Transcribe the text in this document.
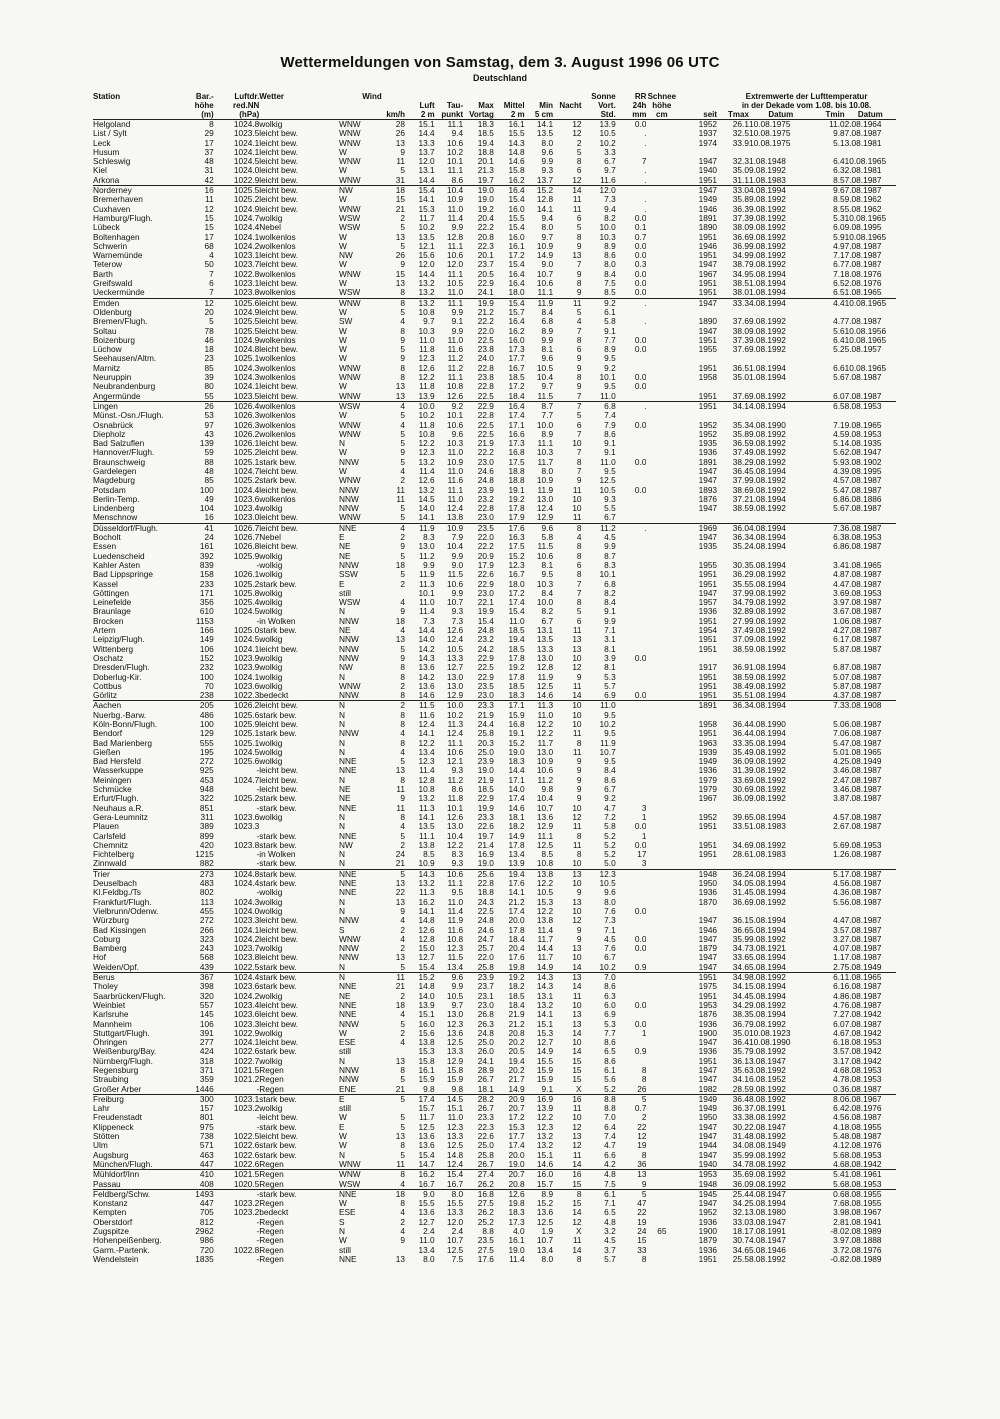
Wettermeldungen von Samstag, dem 3. August 1996 06 UTC
Deutschland

Station	Bar.-	Luftdr.	Wetter	Wind								Sonne	RR	Schnee		Extremwerte der Lufttemperatur			
	höhe	red.NN				Luft	Tau-	Max	Mittel	Min	Nacht	Vort.	24h	höhe		in der Dekade vom 1.08. bis 10.08.			
	(m)	(hPa)			km/h	2 m	punkt	Vortag	2 m	5 cm		Std.	mm	cm	seit	Tmax	Datum	Tmin	Datum
Helgoland	8	1024.8	wolkig	WNW	28	15.1	11.1	18.3	16.1	14.1	12	13.9	0.0		1952	26.1	10.08.1975	11.0	2.08.1964
List / Sylt	29	1023.5	leicht bew.	WNW	26	14.4	9.4	18.5	15.5	13.5	12	10.5	.		1937	32.5	10.08.1975	9.8	7.08.1987
Leck	17	1024.1	leicht bew.	WNW	13	13.3	10.6	19.4	14.3	8.0	2	10.2	.		1974	33.9	10.08.1975	5.1	3.08.1981
Husum	37	1024.1	leicht bew.	W	9	13.7	10.2	18.8	14.8	9.6	5	3.3							
Schleswig	48	1024.5	leicht bew.	WNW	11	12.0	10.1	20.1	14.6	9.9	8	6.7	7		1947	32.3	1.08.1948	6.4	10.08.1965
Kiel	31	1024.0	leicht bew.	W	5	13.1	11.1	21.3	15.8	9.3	6	9.7	.		1940	35.0	9.08.1992	6.3	2.08.1981
Arkona	42	1022.9	leicht bew.	WNW	31	14.4	8.6	19.7	16.2	13.7	12	11.6	.		1951	31.1	1.08.1983	8.5	7.08.1987
Norderney	16	1025.5	leicht bew.	NW	18	15.4	10.4	19.0	16.4	15.2	14	12.0			1947	33.0	4.08.1994	9.6	7.08.1987
Bremerhaven	11	1025.2	leicht bew.	W	15	14.1	10.9	19.0	15.4	12.8	11	7.3	.		1949	35.8	9.08.1992	8.5	9.08.1962
Cuxhaven	12	1024.9	leicht bew.	WNW	21	15.3	11.0	19.2	16.0	14.1	11	9.4	.		1946	36.3	9.08.1992	8.5	5.08.1962
Hamburg/Flugh.	15	1024.7	wolkig	WSW	2	11.7	11.4	20.4	15.5	9.4	6	8.2	0.0		1891	37.3	9.08.1992	5.3	10.08.1965
Lübeck	15	1024.4	Nebel	WSW	5	10.2	9.9	22.2	15.4	8.0	5	10.0	0.1		1890	38.0	9.08.1992	6.0	9.08.1995
Boltenhagen	17	1024.1	wolkenlos	W	13	13.5	12.8	20.8	16.0	9.7	8	10.3	0.7		1951	36.6	9.08.1992	5.9	10.08.1965
Schwerin	68	1024.2	wolkenlos	W	5	12.1	11.1	22.3	16.1	10.9	9	8.9	0.0		1946	36.9	9.08.1992	4.9	7.08.1987
Warnemünde	4	1023.1	leicht bew.	NW	26	15.6	10.6	20.1	17.2	14.9	13	8.6	0.0		1951	34.9	9.08.1992	7.1	7.08.1987
Teterow	50	1023.7	leicht bew.	W	9	12.0	12.0	23.7	15.4	9.0	7	8.0	0.3		1947	38.7	9.08.1992	6.7	7.08.1987
Barth	7	1022.8	wolkenlos	WNW	15	14.4	11.1	20.5	16.4	10.7	9	8.4	0.0		1967	34.9	5.08.1994	7.1	8.08.1976
Greifswald	6	1023.1	leicht bew.	W	13	13.2	10.5	22.9	16.4	10.6	8	7.5	0.0		1951	38.5	1.08.1994	6.5	2.08.1976
Ueckermünde	7	1023.8	wolkenlos	WSW	8	13.2	11.0	24.1	18.0	11.1	9	8.5	0.0		1951	38.0	1.08.1994	6.5	1.08.1965
Emden	12	1025.6	leicht bew.	WNW	8	13.2	11.1	19.9	15.4	11.9	11	9.2	.		1947	33.3	4.08.1994	4.4	10.08.1965
Oldenburg	20	1024.9	leicht bew.	W	5	10.8	9.9	21.2	15.7	8.4	5	6.1							
Bremen/Flugh.	5	1025.5	leicht bew.	SW	4	9.7	9.1	22.2	16.4	6.8	4	5.8	.		1890	37.6	9.08.1992	4.7	7.08.1987
Soltau	78	1025.5	leicht bew.	W	8	10.3	9.9	22.0	16.2	8.9	7	9.1			1947	38.0	9.08.1992	5.6	10.08.1956
Boizenburg	46	1024.9	wolkenlos	W	9	11.0	11.0	22.5	16.0	9.9	8	7.7	0.0		1951	37.3	9.08.1992	6.4	10.08.1965
Lüchow	18	1024.8	leicht bew.	W	5	11.8	11.6	23.8	17.3	8.1	6	8.9	0.0		1955	37.6	9.08.1992	5.2	5.08.1957
Seehausen/Altm.	23	1025.1	wolkenlos	W	9	12.3	11.2	24.0	17.7	9.6	9	9.5							
Marnitz	85	1024.3	wolkenlos	WNW	8	12.6	11.2	22.8	16.7	10.5	9	9.2			1951	36.5	1.08.1994	6.6	10.08.1965
Neuruppin	39	1024.3	wolkenlos	WNW	8	12.2	11.1	23.8	18.5	10.4	8	10.1	0.0		1958	35.0	1.08.1994	5.6	7.08.1987
Neubrandenburg	80	1024.1	leicht bew.	W	13	11.8	10.8	22.8	17.2	9.7	9	9.5	0.0						
Angermünde	55	1023.5	leicht bew.	WNW	13	13.9	12.6	22.5	18.4	11.5	7	11.0			1951	37.6	9.08.1992	6.0	7.08.1987
Lingen	26	1026.4	wolkenlos	WSW	4	10.0	9.2	22.9	16.4	8.7	7	6.8	.		1951	34.1	4.08.1994	6.5	8.08.1953
Münst.-Osn./Flugh.	53	1026.3	wolkenlos	W	5	10.2	10.1	22.8	17.4	7.7	5	7.4							
Osnabrück	97	1026.3	wolkenlos	WNW	4	11.8	10.6	22.5	17.1	10.0	6	7.9	0.0		1952	35.3	4.08.1990	7.1	9.08.1965
Diepholz	43	1026.2	wolkenlos	WNW	5	10.8	9.6	22.5	16.6	8.9	7	8.6			1952	35.8	9.08.1992	4.5	9.08.1953
Bad Salzuflen	139	1026.1	leicht bew.	N	5	12.2	10.3	21.9	17.3	11.1	10	9.1			1935	36.5	9.08.1992	5.1	4.08.1935
Hannover/Flugh.	59	1025.2	leicht bew.	W	9	12.3	11.0	22.2	16.8	10.3	7	9.1			1936	37.4	9.08.1992	5.6	2.08.1947
Braunschweig	88	1025.1	stark bew.	NNW	5	13.2	10.9	23.0	17.5	11.7	8	11.0	0.0		1891	38.2	9.08.1992	5.9	3.08.1902
Gardelegen	48	1024.7	leicht bew.	W	4	11.4	11.0	24.6	18.8	8.0	7	9.5			1947	36.4	5.08.1994	4.3	9.08.1995
Magdeburg	85	1025.2	stark bew.	WNW	2	12.6	11.6	24.8	18.8	10.9	9	12.5			1947	37.9	9.08.1992	4.5	7.08.1987
Potsdam	100	1024.4	leicht bew.	NNW	11	13.2	11.1	23.9	19.1	11.9	11	10.5	0.0		1893	38.6	9.08.1992	5.4	7.08.1987
Berlin-Temp.	49	1023.6	wolkenlos	NNW	11	14.5	11.0	23.2	19.2	13.0	10	9.3			1876	37.2	1.08.1994	6.8	6.08.1886
Lindenberg	104	1023.4	wolkig	NNW	5	14.0	12.4	22.8	17.8	12.4	10	5.5			1947	38.5	9.08.1992	5.6	7.08.1987
Menschnow	16	1023.0	leicht bew.	WNW	5	14.1	13.8	23.0	17.9	12.9	11	6.7							
Düsseldorf/Flugh.	41	1026.7	leicht bew.	NNE	4	11.9	10.9	23.5	17.6	9.6	8	11.2	.		1969	36.0	4.08.1994	7.3	6.08.1987
Bocholt	24	1026.7	Nebel	E	2	8.3	7.9	22.0	16.3	5.8	4	4.5			1947	36.3	4.08.1994	6.3	8.08.1953
Essen	161	1026.8	leicht bew.	NE	9	13.0	10.4	22.2	17.5	11.5	8	9.9			1935	35.2	4.08.1994	6.8	6.08.1987
Luedenscheid	392	1025.9	wolkig	NE	5	11.2	9.9	20.9	15.2	10.6	8	8.7							
Kahler Asten	839	-	wolkig	NNW	18	9.9	9.0	17.9	12.3	8.1	6	8.3			1955	30.3	5.08.1994	3.4	1.08.1965
Bad Lippspringe	158	1026.1	wolkig	SSW	5	11.9	11.5	22.6	16.7	9.5	8	10.1			1951	36.2	9.08.1992	4.8	7.08.1987
Kassel	233	1025.2	stark bew.	E	2	11.3	10.6	22.9	18.0	10.3	7	6.8			1951	35.5	5.08.1994	4.4	7.08.1987
Göttingen	171	1025.8	wolkig	still		10.1	9.9	23.0	17.2	8.4	7	8.2			1947	37.9	9.08.1992	3.6	9.08.1953
Leinefelde	356	1025.4	wolkig	WSW	4	11.0	10.7	22.1	17.4	10.0	8	8.4			1957	34.7	9.08.1992	3.9	7.08.1987
Braunlage	610	1024.5	wolkig	N	9	11.4	9.3	19.9	15.4	8.2	5	9.1			1936	32.8	9.08.1992	3.6	7.08.1987
Brocken	1153	-	in Wolken	NNW	18	7.3	7.3	15.4	11.0	6.7	6	9.9			1951	27.9	9.08.1992	1.0	6.08.1987
Artern	166	1025.0	stark bew.	NE	4	14.4	12.6	24.8	18.5	13.1	11	7.1			1954	37.4	9.08.1992	4.2	7.08.1987
Leipzig/Flugh.	149	1024.5	wolkig	NNW	13	14.0	12.4	23.2	19.4	13.5	13	3.1			1951	37.0	9.08.1992	6.1	7.08.1987
Wittenberg	106	1024.1	leicht bew.	NNW	5	14.2	10.5	24.2	18.5	13.3	13	8.1			1951	38.5	9.08.1992	5.8	7.08.1987
Oschatz	152	1023.9	wolkig	NNW	9	14.3	13.3	22.9	17.8	13.0	10	3.9	0.0						
Dresden/Flugh.	232	1023.9	wolkig	NW	8	13.6	12.7	22.5	19.2	12.8	12	8.1			1917	36.9	1.08.1994	6.8	7.08.1987
Doberlug-Kir.	100	1024.1	wolkig	N	8	14.2	13.0	22.9	17.8	11.9	9	5.3			1951	38.5	9.08.1992	5.0	7.08.1987
Cottbus	70	1023.6	wolkig	WNW	2	13.6	13.0	23.5	18.5	12.5	11	5.7			1951	38.4	9.08.1992	5.8	7.08.1987
Görlitz	238	1022.3	bedeckt	NNW	8	14.6	12.9	23.0	18.3	14.6	14	6.9	0.0		1951	35.5	1.08.1994	4.3	7.08.1987
Aachen	205	1026.2	leicht bew.	N	2	11.5	10.0	23.3	17.1	11.3	10	11.0			1891	36.3	4.08.1994	7.3	3.08.1908
Nuerbg.-Barw.	486	1025.6	stark bew.	N	8	11.6	10.2	21.9	15.9	11.0	10	9.5							
Köln-Bonn/Flugh.	100	1025.9	leicht bew.	N	8	12.4	11.3	24.4	16.8	12.2	10	10.2			1958	36.4	4.08.1990	5.0	6.08.1987
Bendorf	129	1025.1	stark bew.	NNW	4	14.1	12.4	25.8	19.1	12.2	11	9.5			1951	36.4	4.08.1994	7.0	6.08.1987
Bad Marienberg	555	1025.1	wolkig	N	8	12.2	11.1	20.3	15.2	11.7	8	11.9			1963	33.3	5.08.1994	5.4	7.08.1987
Gießen	195	1024.5	wolkig	N	4	13.4	10.6	25.0	19.0	13.0	11	10.7			1939	35.4	9.08.1992	5.0	1.08.1965
Bad Hersfeld	272	1025.6	wolkig	NNE	5	12.3	12.1	23.9	18.3	10.9	9	9.5			1949	36.0	9.08.1992	4.2	5.08.1949
Wasserkuppe	925	-	leicht bew.	NNE	13	11.4	9.3	19.0	14.4	10.6	9	8.4			1936	31.3	9.08.1992	3.4	6.08.1987
Meiningen	453	1024.7	leicht bew.	N	8	12.8	11.2	21.9	17.1	11.2	9	8.6			1979	33.6	9.08.1992	2.4	7.08.1987
Schmücke	948	-	leicht bew.	NE	11	10.8	8.6	18.5	14.0	9.8	9	6.7			1979	30.6	9.08.1992	3.4	6.08.1987
Erfurt/Flugh.	322	1025.2	stark bew.	NE	9	13.2	11.8	22.9	17.4	10.4	9	9.2			1967	36.0	9.08.1992	3.8	7.08.1987
Neuhaus a.R.	851	-	stark bew.	NNE	11	11.3	10.1	19.9	14.6	10.7	10	4.7	3						
Gera-Leumnitz	311	1023.6	wolkig	N	8	14.1	12.6	23.3	18.1	13.6	12	7.2	1		1952	39.6	5.08.1994	4.5	7.08.1987
Plauen	389	1023.3		N	4	13.5	13.0	22.6	18.2	12.9	11	5.8	0.0		1951	33.5	1.08.1983	2.6	7.08.1987
Carlsfeld	899	-	stark bew.	NNE	5	11.1	10.4	19.7	14.9	11.1	8	5.2	1						
Chemnitz	420	1023.8	stark bew.	NW	2	13.8	12.2	21.4	17.8	12.5	11	5.2	0.0		1951	34.6	9.08.1992	5.6	9.08.1953
Fichtelberg	1215	-	in Wolken	N	24	8.5	8.3	16.9	13.4	8.5	8	5.2	17		1951	28.6	1.08.1983	1.2	6.08.1987
Zinnwald	882	-	stark bew.	N	21	10.9	9.3	19.0	13.9	10.8	10	5.0	3						
Trier	273	1024.8	stark bew.	NNE	5	14.3	10.6	25.6	19.4	13.8	13	12.3			1948	36.2	4.08.1994	5.1	7.08.1987
Deuselbach	483	1024.4	stark bew.	NNE	13	13.2	11.1	22.8	17.6	12.2	10	10.5			1950	34.0	5.08.1994	4.5	6.08.1987
Kl.Feldbg./Ts	802	-	wolkig	NNE	22	11.3	9.5	18.8	14.1	10.5	9	9.6			1936	31.4	5.08.1994	4.3	6.08.1987
Frankfurt/Flugh.	113	1024.3	wolkig	N	13	16.2	11.0	24.3	21.2	15.3	13	8.0			1870	36.6	9.08.1992	5.5	6.08.1987
Vielbrunn/Odenw.	455	1024.0	wolkig	N	9	14.1	11.4	22.5	17.4	12.2	10	7.6	0.0						
Würzburg	272	1023.3	leicht bew.	NNW	4	14.8	11.9	24.8	20.0	13.8	12	7.3			1947	36.1	5.08.1994	4.4	7.08.1987
Bad Kissingen	266	1024.1	leicht bew.	S	2	12.6	11.6	24.6	17.8	11.4	9	7.1			1946	36.6	5.08.1994	3.5	7.08.1987
Coburg	323	1024.2	leicht bew.	WNW	4	12.8	10.8	24.7	18.4	11.7	9	4.5	0.0		1947	35.9	9.08.1992	3.2	7.08.1987
Bamberg	243	1023.7	wolkig	NNW	2	15.0	12.3	25.7	20.4	14.4	13	7.6	0.0		1879	34.7	3.08.1921	4.0	7.08.1987
Hof	568	1023.8	leicht bew.	NNW	13	12.7	11.5	22.0	17.6	11.7	10	6.7			1947	33.6	5.08.1994	1.1	7.08.1987
Weiden/Opf.	439	1022.5	stark bew.	N	5	15.4	13.4	25.8	19.8	14.9	14	10.2	0.9		1947	34.6	5.08.1994	2.7	5.08.1949
Berus	367	1024.4	stark bew.	N	11	15.2	9.6	23.9	19.2	14.3	13	7.0			1951	34.9	8.08.1992	6.1	1.08.1965
Tholey	398	1023.6	stark bew.	NNE	21	14.8	9.9	23.7	18.2	14.3	14	8.6			1975	34.1	5.08.1994	6.1	6.08.1987
Saarbrücken/Flugh.	320	1024.2	wolkig	NE	2	14.0	10.5	23.1	18.5	13.1	11	6.3			1951	34.4	5.08.1994	4.8	6.08.1987
Weinbiet	557	1023.4	leicht bew.	NNE	18	13.9	9.7	23.0	18.4	13.2	10	6.0	0.0		1953	34.2	9.08.1992	4.7	6.08.1987
Karlsruhe	145	1023.6	leicht bew.	NNE	4	15.1	13.0	26.8	21.9	14.1	13	6.9			1876	38.3	5.08.1994	7.2	7.08.1942
Mannheim	106	1023.3	leicht bew.	NNW	5	16.0	12.3	26.3	21.2	15.1	13	5.3	0.0		1936	36.7	9.08.1992	6.0	7.08.1987
Stuttgart/Flugh.	391	1022.9	wolkig	W	2	15.6	13.6	24.8	20.8	15.3	14	7.7	1		1900	35.0	10.08.1923	4.6	7.08.1942
Öhringen	277	1024.1	leicht bew.	ESE	4	13.8	12.5	25.0	20.2	12.7	10	8.6			1947	36.4	10.08.1990	6.1	8.08.1953
Weißenburg/Bay.	424	1022.6	stark bew.	still		15.3	13.3	26.0	20.5	14.9	14	6.5	0.9		1936	35.7	9.08.1992	3.5	7.08.1942
Nürnberg/Flugh.	318	1022.7	wolkig	N	13	15.8	12.9	24.1	19.4	15.5	15	8.6			1951	36.1	3.08.1947	3.1	7.08.1942
Regensburg	371	1021.5	Regen	NNW	8	16.1	15.8	28.9	20.2	15.9	15	6.1	8		1947	35.6	3.08.1992	4.6	8.08.1953
Straubing	359	1021.2	Regen	NNW	5	15.9	15.9	26.7	21.7	15.9	15	5.6	8		1947	34.1	6.08.1952	4.7	8.08.1953
Großer Arber	1446	-	Regen	ENE	21	9.8	9.8	18.1	14.9	9.1	X	5.2	26		1982	28.5	9.08.1992	0.3	6.08.1987
Freiburg	300	1023.1	stark bew.	E	5	17.4	14.5	28.2	20.9	16.9	16	8.8	5		1949	36.4	8.08.1992	8.0	6.08.1967
Lahr	157	1023.2	wolkig	still		15.7	15.1	26.7	20.7	13.9	11	8.8	0.7		1949	36.3	7.08.1991	6.4	2.08.1976
Freudenstadt	801	-	leicht bew.	W	5	11.7	11.0	23.3	17.2	12.2	10	7.0	2		1950	33.3	8.08.1992	4.5	6.08.1987
Klippeneck	975	-	stark bew.	E	5	12.5	12.3	22.3	15.3	12.3	12	6.4	22		1947	30.2	2.08.1947	4.1	8.08.1955
Stötten	738	1022.5	leicht bew.	W	13	13.6	13.3	22.6	17.7	13.2	13	7.4	12		1947	31.4	8.08.1992	5.4	8.08.1987
Ulm	571	1022.6	stark bew.	W	8	13.6	12.5	25.0	17.4	13.2	12	4.7	19		1944	34.0	8.08.1949	4.1	2.08.1976
Augsburg	463	1022.6	stark bew.	N	5	15.4	14.8	25.8	20.0	15.1	11	6.6	8		1947	35.9	9.08.1992	5.6	8.08.1953
München/Flugh.	447	1022.6	Regen	WNW	11	14.7	12.4	26.7	19.0	14.6	14	4.2	36		1940	34.7	8.08.1992	4.6	8.08.1942
Mühldorf/Inn	410	1021.5	Regen	WNW	8	16.2	15.4	27.4	20.7	16.0	16	4.8	13		1953	35.6	9.08.1992	5.4	1.08.1961
Passau	408	1020.5	Regen	WSW	4	16.7	16.7	26.2	20.8	15.7	15	7.5	9		1948	36.0	9.08.1992	5.6	8.08.1953
Feldberg/Schw.	1493	-	stark bew.	NNE	18	9.0	8.0	16.8	12.6	8.9	8	6.1	5		1945	25.4	4.08.1947	0.6	8.08.1955
Konstanz	447	1023.2	Regen	W	8	15.5	15.5	27.5	19.8	15.2	15	7.1	47		1947	34.2	5.08.1994	7.6	8.08.1955
Kempten	705	1023.2	bedeckt	ESE	4	13.6	13.3	26.2	18.3	13.6	14	6.5	22		1952	32.1	3.08.1980	3.9	8.08.1967
Oberstdorf	812	-	Regen	S	2	12.7	12.0	25.2	17.3	12.5	12	4.8	19		1936	33.0	3.08.1947	2.8	1.08.1941
Zugspitze	2962	-	Regen	N	4	2.4	2.4	8.8	4.0	1.9	X	3.2	24	65	1900	18.1	7.08.1991	-8.0	2.08.1989
Hohenpeißenberg.	986	-	Regen	W	9	11.0	10.7	23.5	16.1	10.7	11	4.5	15		1879	30.7	4.08.1947	3.9	7.08.1888
Garm.-Partenk.	720	1022.8	Regen	still		13.4	12.5	27.5	19.0	13.4	14	3.7	33		1936	34.6	5.08.1946	3.7	2.08.1976
Wendelstein	1835	-	Regen	NNE	13	8.0	7.5	17.6	11.4	8.0	8	5.7	8		1951	25.5	8.08.1992	-0.8	2.08.1989
